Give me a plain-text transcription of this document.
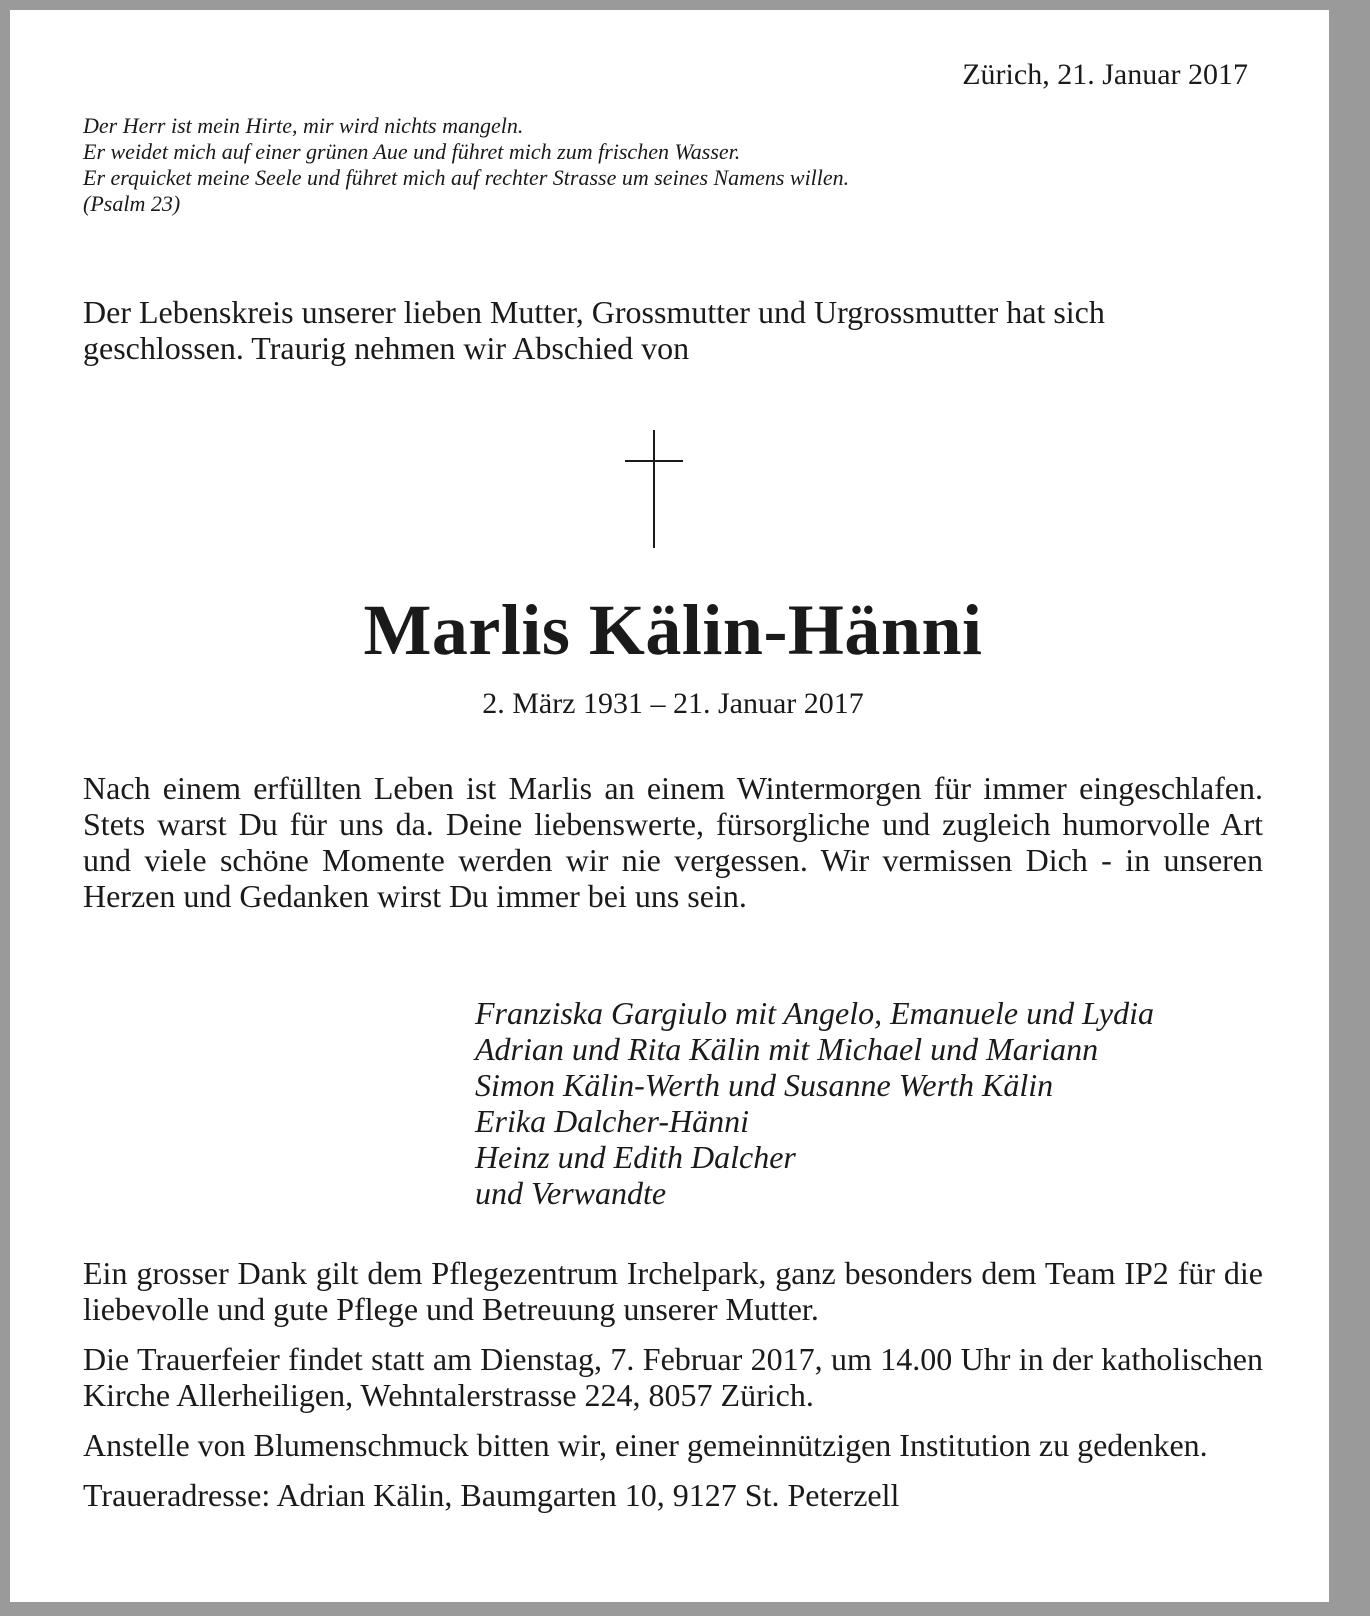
Zürich, 21. Januar 2017
Der Herr ist mein Hirte, mir wird nichts mangeln.
Er weidet mich auf einer grünen Aue und führet mich zum frischen Wasser.
Er erquicket meine Seele und führet mich auf rechter Strasse um seines Namens willen.
(Psalm 23)
Der Lebenskreis unserer lieben Mutter, Grossmutter und Urgrossmutter hat sich geschlossen. Traurig nehmen wir Abschied von
Marlis Kälin-Hänni
2. März 1931 – 21. Januar 2017
Nach einem erfüllten Leben ist Marlis an einem Wintermorgen für immer eingeschlafen. Stets warst Du für uns da. Deine liebenswerte, fürsorgliche und zugleich humorvolle Art und viele schöne Momente werden wir nie vergessen. Wir vermissen Dich - in unseren Herzen und Gedanken wirst Du immer bei uns sein.
Franziska Gargiulo mit Angelo, Emanuele und Lydia
Adrian und Rita Kälin mit Michael und Mariann
Simon Kälin-Werth und Susanne Werth Kälin
Erika Dalcher-Hänni
Heinz und Edith Dalcher
und Verwandte

Ein grosser Dank gilt dem Pflegezentrum Irchelpark, ganz besonders dem Team IP2 für die liebevolle und gute Pflege und Betreuung unserer Mutter.

Die Trauerfeier findet statt am Dienstag, 7. Februar 2017, um 14.00 Uhr in der katholischen Kirche Allerheiligen, Wehntalerstrasse 224, 8057 Zürich.

Anstelle von Blumenschmuck bitten wir, einer gemeinnützigen Institution zu gedenken.

Traueradresse: Adrian Kälin, Baumgarten 10, 9127 St. Peterzell
